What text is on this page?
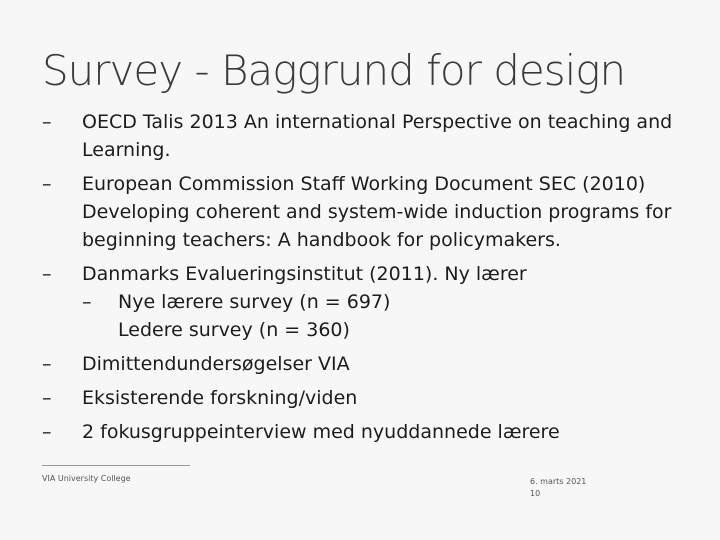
Survey - Baggrund for design
– OECD Talis 2013 An international Perspective on teaching and Learning.
– European Commission Staff Working Document SEC (2010) Developing coherent and system-wide induction programs for beginning teachers: A handbook for policymakers.
– Danmarks Evalueringsinstitut (2011). Ny lærer
– Nye lærere survey (n = 697)
Ledere survey (n = 360)
– Dimittendundersøgelser VIA
– Eksisterende forskning/viden
– 2 fokusgruppeinterview med nyuddannede lærere
VIA University College	6. marts 2021
10
